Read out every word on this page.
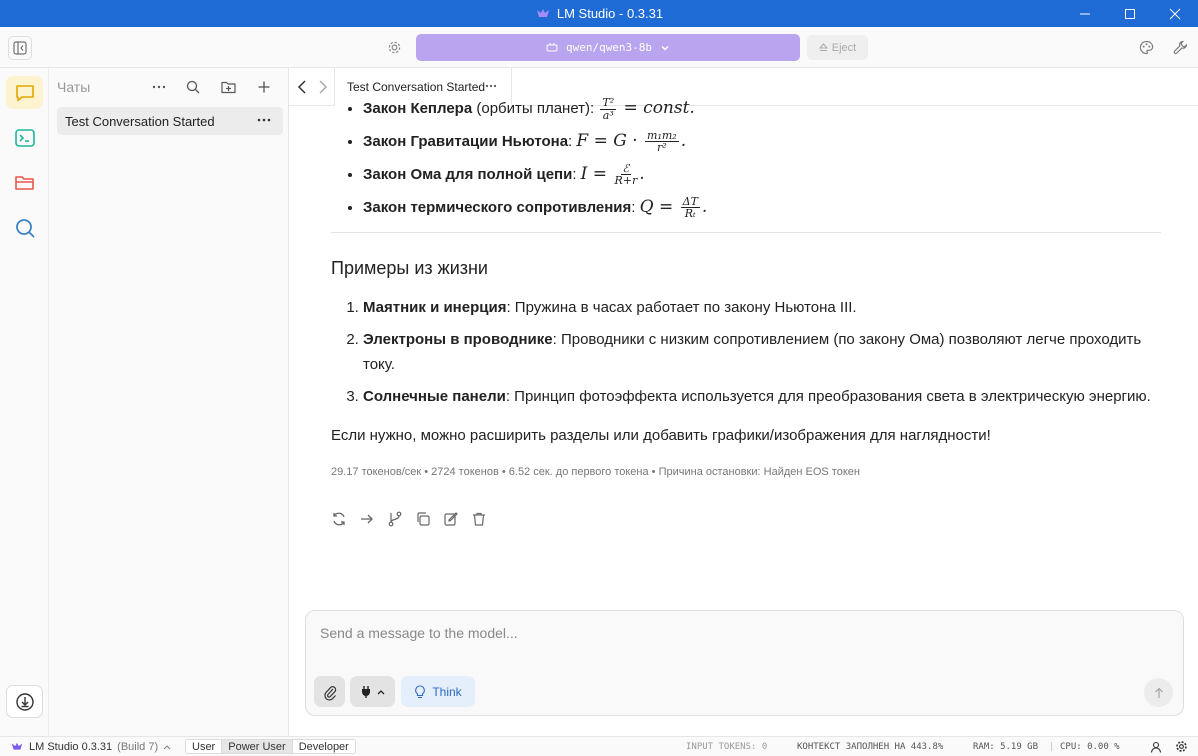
LM Studio - 0.3.31
qwen/qwen3-8b	Eject
Чаты
Test Conversation Started
Test Conversation Started
• Закон Кеплера (орбиты планет): $\frac{\text{T²}}{\text{a³}}$ = const.
• Закон Гравитации Ньютона: $F = G \cdot \frac{\text{m₁m₂}}{\text{r²}}$ .
• Закон Ома для полной цепи: $I = \frac{\text{ℰ}}{R+r}$ .
• Закон термического сопротивления: $Q = \frac{\Delta T}{\text{Rₜ}}$ .
Примеры из жизни
1. Маятник и инерция: Пружина в часах работает по закону Ньютона III.
2. Электроны в проводнике: Проводники с низким сопротивлением (по закону Ома) позволяют легче проходить току.
3. Солнечные панели: Принцип фотоэффекта используется для преобразования света в электрическую энергию.
Если нужно, можно расширить разделы или добавить графики/изображения для наглядности!
29.17 токенов/сек • 2724 токенов • 6.52 сек. до первого токена • Причина остановки: Найден EOS токен
Send a message to the model...
Think
LM Studio 0.3.31 (Build 7)	User	Power User	Developer	INPUT TOKENS: 0	КОНТЕКСТ ЗАПОЛНЕН НА 443.8%	RAM: 5.19 GB | CPU: 0.00 %
